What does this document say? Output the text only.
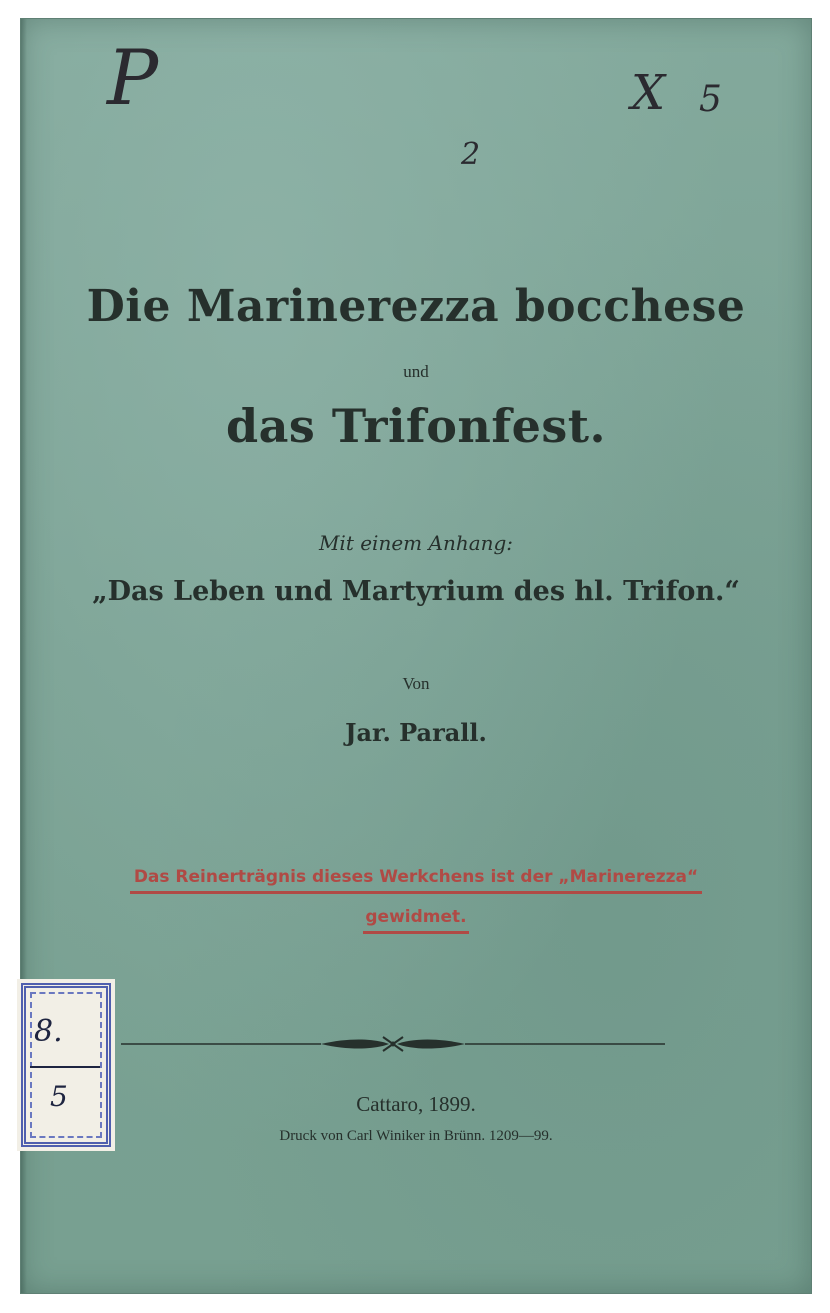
P	X 5
2
Die Marinerezza bocchese
und
das Trifonfest.
Mit einem Anhang:
„Das Leben und Martyrium des hl. Trifon.“
Von
Jar. Parall.
Das Reinerträgnis dieses Werkchens ist der „Marinerezza“
gewidmet.
Cattaro, 1899.
Druck von Carl Winiker in Brünn. 1209—99.
8.
5
